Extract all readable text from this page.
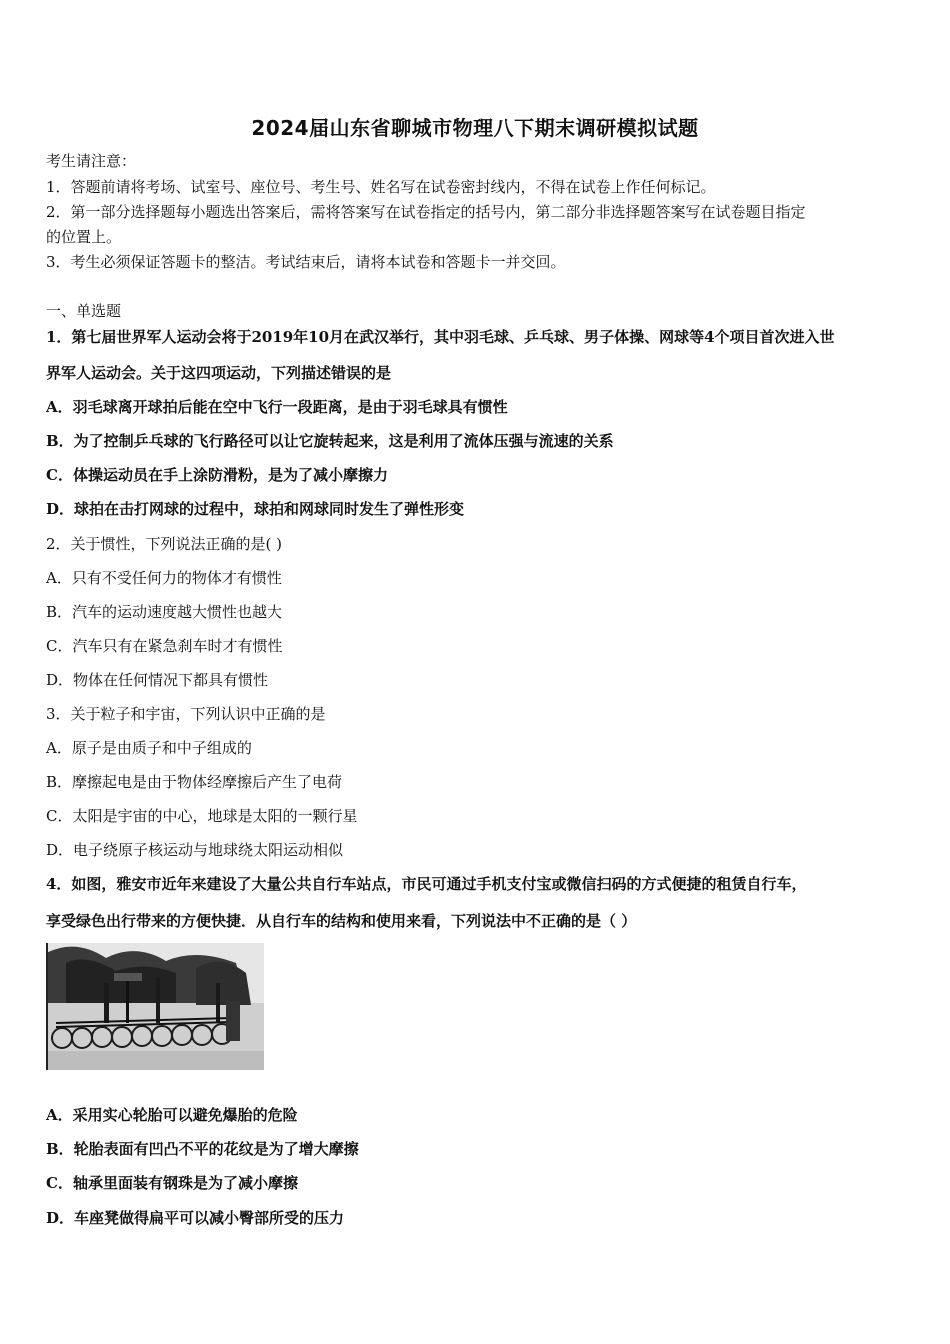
2024届山东省聊城市物理八下期末调研模拟试题
考生请注意：
1．答题前请将考场、试室号、座位号、考生号、姓名写在试卷密封线内，不得在试卷上作任何标记。
2．第一部分选择题每小题选出答案后，需将答案写在试卷指定的括号内，第二部分非选择题答案写在试卷题目指定
的位置上。
3．考生必须保证答题卡的整洁。考试结束后，请将本试卷和答题卡一并交回。
一、单选题
1．第七届世界军人运动会将于2019年10月在武汉举行，其中羽毛球、乒乓球、男子体操、网球等4个项目首次进入世
界军人运动会。关于这四项运动，下列描述错误的是
A．羽毛球离开球拍后能在空中飞行一段距离，是由于羽毛球具有惯性
B．为了控制乒乓球的飞行路径可以让它旋转起来，这是利用了流体压强与流速的关系
C．体操运动员在手上涂防滑粉，是为了减小摩擦力
D．球拍在击打网球的过程中，球拍和网球同时发生了弹性形变
2．关于惯性，下列说法正确的是( )
A．只有不受任何力的物体才有惯性
B．汽车的运动速度越大惯性也越大
C．汽车只有在紧急刹车时才有惯性
D．物体在任何情况下都具有惯性
3．关于粒子和宇宙，下列认识中正确的是
A．原子是由质子和中子组成的
B．摩擦起电是由于物体经摩擦后产生了电荷
C．太阳是宇宙的中心，地球是太阳的一颗行星
D．电子绕原子核运动与地球绕太阳运动相似
4．如图，雅安市近年来建设了大量公共自行车站点，市民可通过手机支付宝或微信扫码的方式便捷的租赁自行车，
享受绿色出行带来的方便快捷．从自行车的结构和使用来看，下列说法中不正确的是（ ）
A．采用实心轮胎可以避免爆胎的危险
B．轮胎表面有凹凸不平的花纹是为了增大摩擦
C．轴承里面装有钢珠是为了减小摩擦
D．车座凳做得扁平可以减小臀部所受的压力
